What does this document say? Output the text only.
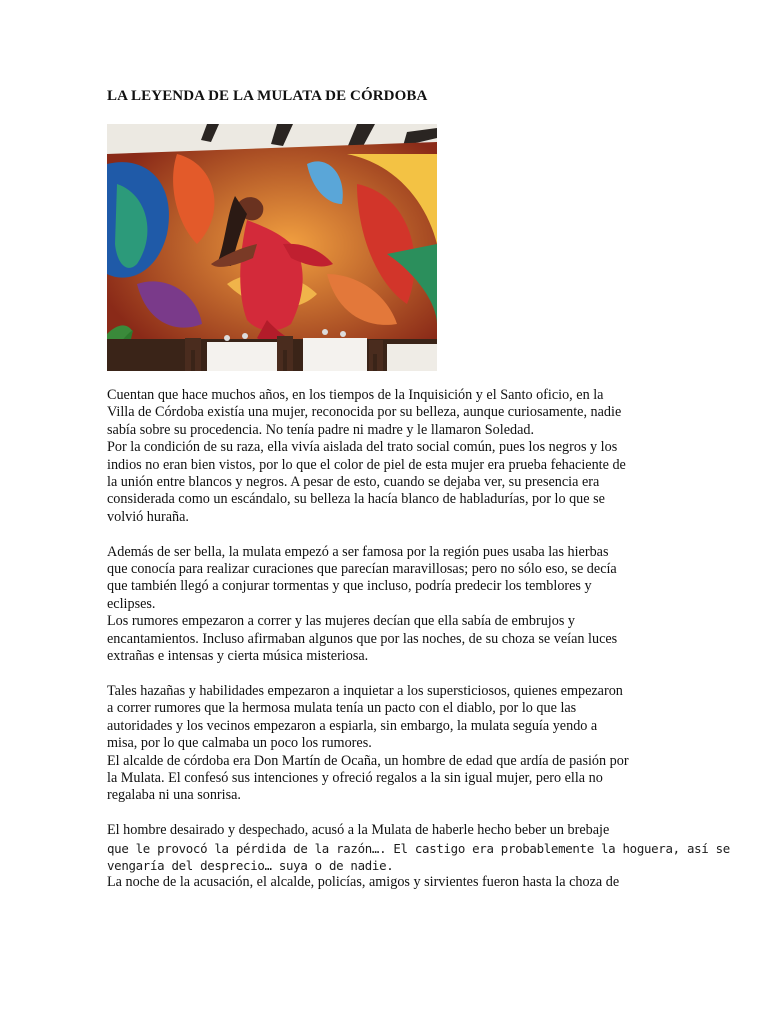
LA LEYENDA DE LA MULATA DE CÓRDOBA

Cuentan que hace muchos años, en los tiempos de la Inquisición y el Santo oficio, en la
Villa de Córdoba existía una mujer, reconocida por su belleza, aunque curiosamente, nadie
sabía sobre su procedencia. No tenía padre ni madre y le llamaron Soledad.
Por la condición de su raza, ella vivía aislada del trato social común, pues los negros y los
indios no eran bien vistos, por lo que el color de piel de esta mujer era prueba fehaciente de
la unión entre blancos y negros. A pesar de esto, cuando se dejaba ver, su presencia era
considerada como un escándalo, su belleza la hacía blanco de habladurías, por lo que se
volvió huraña.

Además de ser bella, la mulata empezó a ser famosa por la región pues usaba las hierbas
que conocía para realizar curaciones que parecían maravillosas; pero no sólo eso, se decía
que también llegó a conjurar tormentas y que incluso, podría predecir los temblores y
eclipses.
Los rumores empezaron a correr y las mujeres decían que ella sabía de embrujos y
encantamientos. Incluso afirmaban algunos que por las noches, de su choza se veían luces
extrañas e intensas y cierta música misteriosa.

Tales hazañas y habilidades empezaron a inquietar a los supersticiosos, quienes empezaron
a correr rumores que la hermosa mulata tenía un pacto con el diablo, por lo que las
autoridades y los vecinos empezaron a espiarla, sin embargo, la mulata seguía yendo a
misa, por lo que calmaba un poco los rumores.
El alcalde de córdoba era Don Martín de Ocaña, un hombre de edad que ardía de pasión por
la Mulata. El confesó sus intenciones y ofreció regalos a la sin igual mujer, pero ella no
regalaba ni una sonrisa.

El hombre desairado y despechado, acusó a la Mulata de haberle hecho beber un brebaje
que le provocó la pérdida de la razón…. El castigo era probablemente la hoguera, así se
vengaría del desprecio… suya o de nadie.
La noche de la acusación, el alcalde, policías, amigos y sirvientes fueron hasta la choza de
